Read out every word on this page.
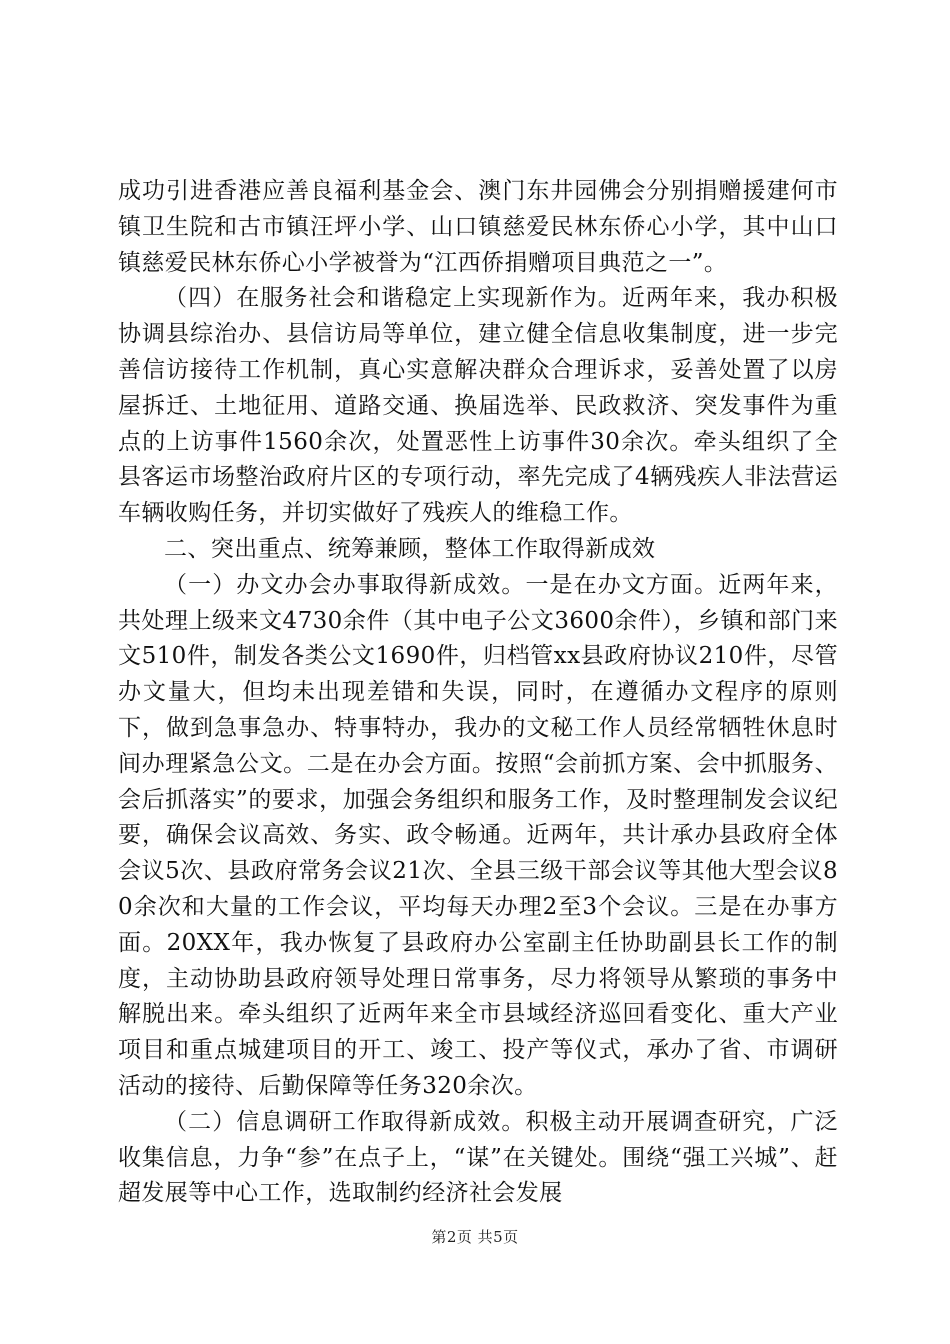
成功引进香港应善良福利基金会、澳门东井园佛会分别捐赠援建何市镇卫生院和古市镇汪坪小学、山口镇慈爱民林东侨心小学，其中山口镇慈爱民林东侨心小学被誉为“江西侨捐赠项目典范之一”。

（四）在服务社会和谐稳定上实现新作为。近两年来，我办积极协调县综治办、县信访局等单位，建立健全信息收集制度，进一步完善信访接待工作机制，真心实意解决群众合理诉求，妥善处置了以房屋拆迁、土地征用、道路交通、换届选举、民政救济、突发事件为重点的上访事件1560余次，处置恶性上访事件30余次。牵头组织了全县客运市场整治政府片区的专项行动，率先完成了4辆残疾人非法营运车辆收购任务，并切实做好了残疾人的维稳工作。

二、突出重点、统筹兼顾，整体工作取得新成效

（一）办文办会办事取得新成效。一是在办文方面。近两年来，共处理上级来文4730余件（其中电子公文3600余件），乡镇和部门来文510件，制发各类公文1690件，归档管xx县政府协议210件，尽管办文量大，但均未出现差错和失误，同时，在遵循办文程序的原则下，做到急事急办、特事特办，我办的文秘工作人员经常牺牲休息时间办理紧急公文。二是在办会方面。按照“会前抓方案、会中抓服务、会后抓落实”的要求，加强会务组织和服务工作，及时整理制发会议纪要，确保会议高效、务实、政令畅通。近两年，共计承办县政府全体会议5次、县政府常务会议21次、全县三级干部会议等其他大型会议80余次和大量的工作会议，平均每天办理2至3个会议。三是在办事方面。20XX年，我办恢复了县政府办公室副主任协助副县长工作的制度，主动协助县政府领导处理日常事务，尽力将领导从繁琐的事务中解脱出来。牵头组织了近两年来全市县域经济巡回看变化、重大产业项目和重点城建项目的开工、竣工、投产等仪式，承办了省、市调研活动的接待、后勤保障等任务320余次。

（二）信息调研工作取得新成效。积极主动开展调查研究，广泛收集信息，力争“参”在点子上，“谋”在关键处。围绕“强工兴城”、赶超发展等中心工作，选取制约经济社会发展

第2页 共5页
